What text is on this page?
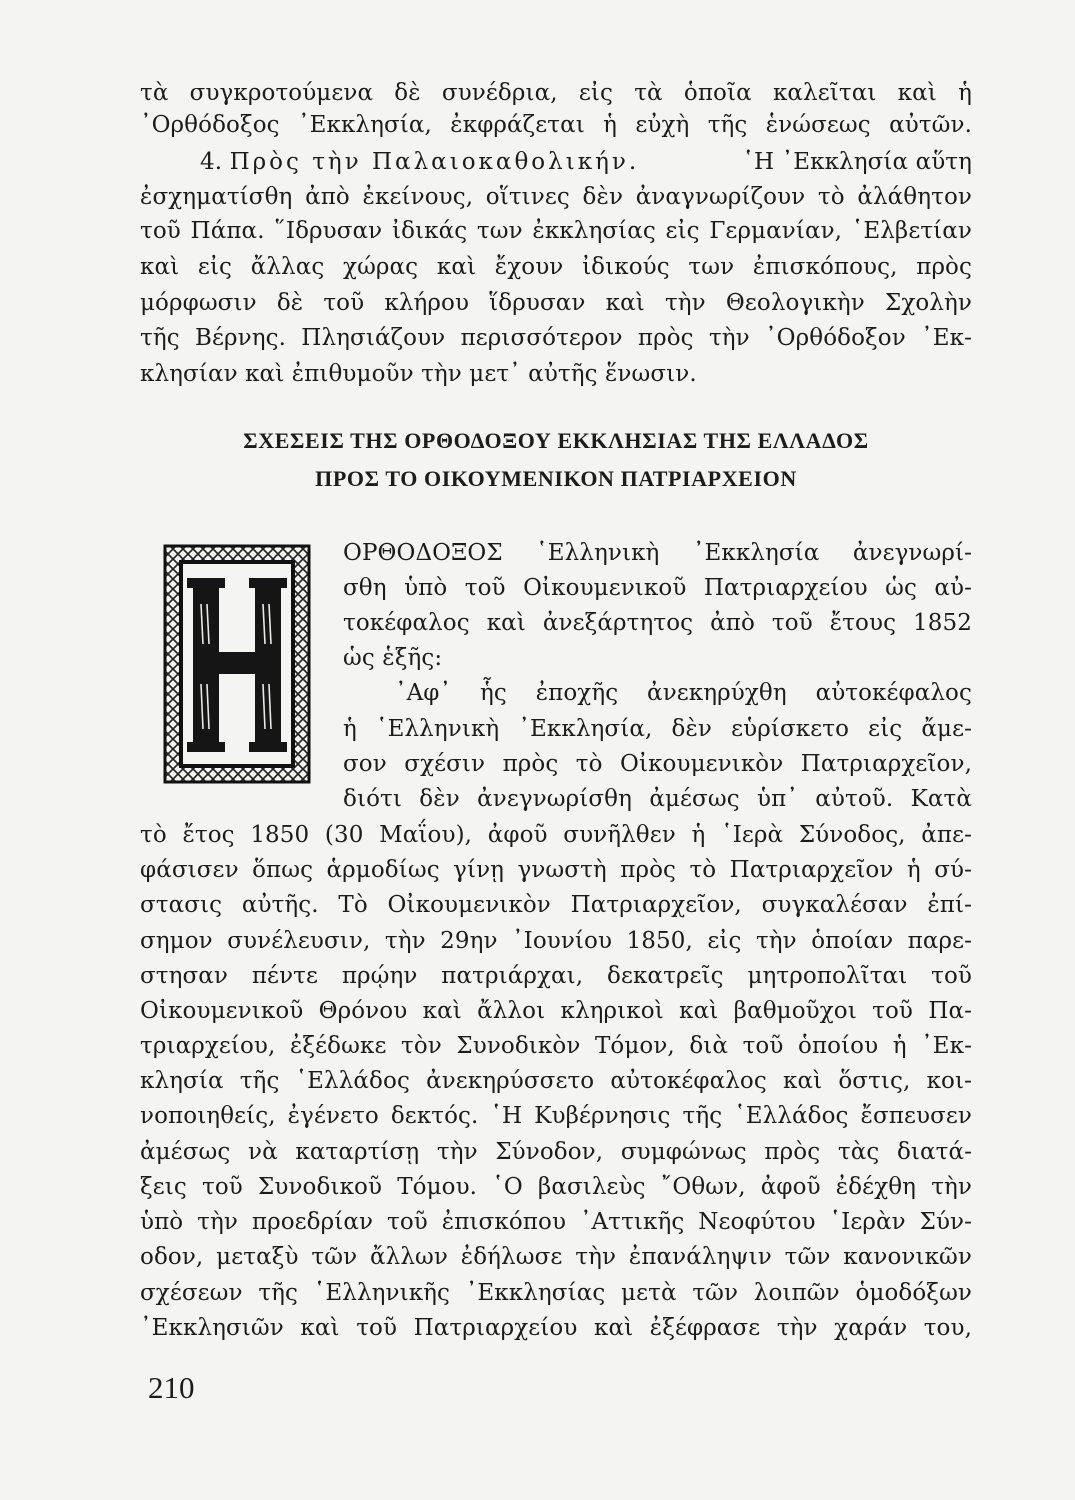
τὰ συγκροτούμενα δὲ συνέδρια, εἰς τὰ ὁποῖα καλεῖται καὶ ἡ
᾿Ορθόδοξος ᾿Εκκλησία, ἐκφράζεται ἡ εὐχὴ τῆς ἑνώσεως αὐτῶν.
4. Πρὸς τὴν Παλαιοκαθολικήν.	῾Η ᾿Εκκλησία αὕτη
ἐσχηματίσθη ἀπὸ ἐκείνους, οἵτινες δὲν ἀναγνωρίζουν τὸ ἀλάθητον
τοῦ Πάπα. ῞Ιδρυσαν ἰδικάς των ἐκκλησίας εἰς Γερμανίαν, ῾Ελβετίαν
καὶ εἰς ἄλλας χώρας καὶ ἔχουν ἰδικούς των ἐπισκόπους, πρὸς
μόρφωσιν δὲ τοῦ κλήρου ἵδρυσαν καὶ τὴν Θεολογικὴν Σχολὴν
τῆς Βέρνης. Πλησιάζουν περισσότερον πρὸς τὴν ᾿Ορθόδοξον ᾿Εκ-
κλησίαν καὶ ἐπιθυμοῦν τὴν μετ᾿ αὐτῆς ἕνωσιν.
ΣΧΕΣΕΙΣ ΤΗΣ ΟΡΘΟΔΟΞΟΥ ΕΚΚΛΗΣΙΑΣ ΤΗΣ ΕΛΛΑΔΟΣ
ΠΡΟΣ ΤΟ ΟΙΚΟΥΜΕΝΙΚΟΝ ΠΑΤΡΙΑΡΧΕΙΟΝ
ΟΡΘΟΔΟΞΟΣ ῾Ελληνικὴ ᾿Εκκλησία ἀνεγνωρί-
σθη ὑπὸ τοῦ Οἰκουμενικοῦ Πατριαρχείου ὡς αὐ-
τοκέφαλος καὶ ἀνεξάρτητος ἀπὸ τοῦ ἔτους 1852
ὡς ἑξῆς:
᾿Αφ᾿ ἧς ἐποχῆς ἀνεκηρύχθη αὐτοκέφαλος
ἡ ῾Ελληνικὴ ᾿Εκκλησία, δὲν εὑρίσκετο εἰς ἄμε-
σον σχέσιν πρὸς τὸ Οἰκουμενικὸν Πατριαρχεῖον,
διότι δὲν ἀνεγνωρίσθη ἀμέσως ὑπ᾿ αὐτοῦ. Κατὰ
τὸ ἔτος 1850 (30 Μαΐου), ἀφοῦ συνῆλθεν ἡ ῾Ιερὰ Σύνοδος, ἀπε-
φάσισεν ὅπως ἁρμοδίως γίνῃ γνωστὴ πρὸς τὸ Πατριαρχεῖον ἡ σύ-
στασις αὐτῆς. Τὸ Οἰκουμενικὸν Πατριαρχεῖον, συγκαλέσαν ἐπί-
σημον συνέλευσιν, τὴν 29ην ᾿Ιουνίου 1850, εἰς τὴν ὁποίαν παρε-
στησαν πέντε πρῴην πατριάρχαι, δεκατρεῖς μητροπολῖται τοῦ
Οἰκουμενικοῦ Θρόνου καὶ ἄλλοι κληρικοὶ καὶ βαθμοῦχοι τοῦ Πα-
τριαρχείου, ἐξέδωκε τὸν Συνοδικὸν Τόμον, διὰ τοῦ ὁποίου ἡ ᾿Εκ-
κλησία τῆς ῾Ελλάδος ἀνεκηρύσσετο αὐτοκέφαλος καὶ ὅστις, κοι-
νοποιηθείς, ἐγένετο δεκτός. ῾Η Κυβέρνησις τῆς ῾Ελλάδος ἔσπευσεν
ἀμέσως νὰ καταρτίσῃ τὴν Σύνοδον, συμφώνως πρὸς τὰς διατά-
ξεις τοῦ Συνοδικοῦ Τόμου. ῾Ο βασιλεὺς ῎Οθων, ἀφοῦ ἐδέχθη τὴν
ὑπὸ τὴν προεδρίαν τοῦ ἐπισκόπου ᾿Αττικῆς Νεοφύτου ῾Ιερὰν Σύν-
οδον, μεταξὺ τῶν ἄλλων ἐδήλωσε τὴν ἐπανάληψιν τῶν κανονικῶν
σχέσεων τῆς ῾Ελληνικῆς ᾿Εκκλησίας μετὰ τῶν λοιπῶν ὁμοδόξων
᾿Εκκλησιῶν καὶ τοῦ Πατριαρχείου καὶ ἐξέφρασε τὴν χαράν του,
210
